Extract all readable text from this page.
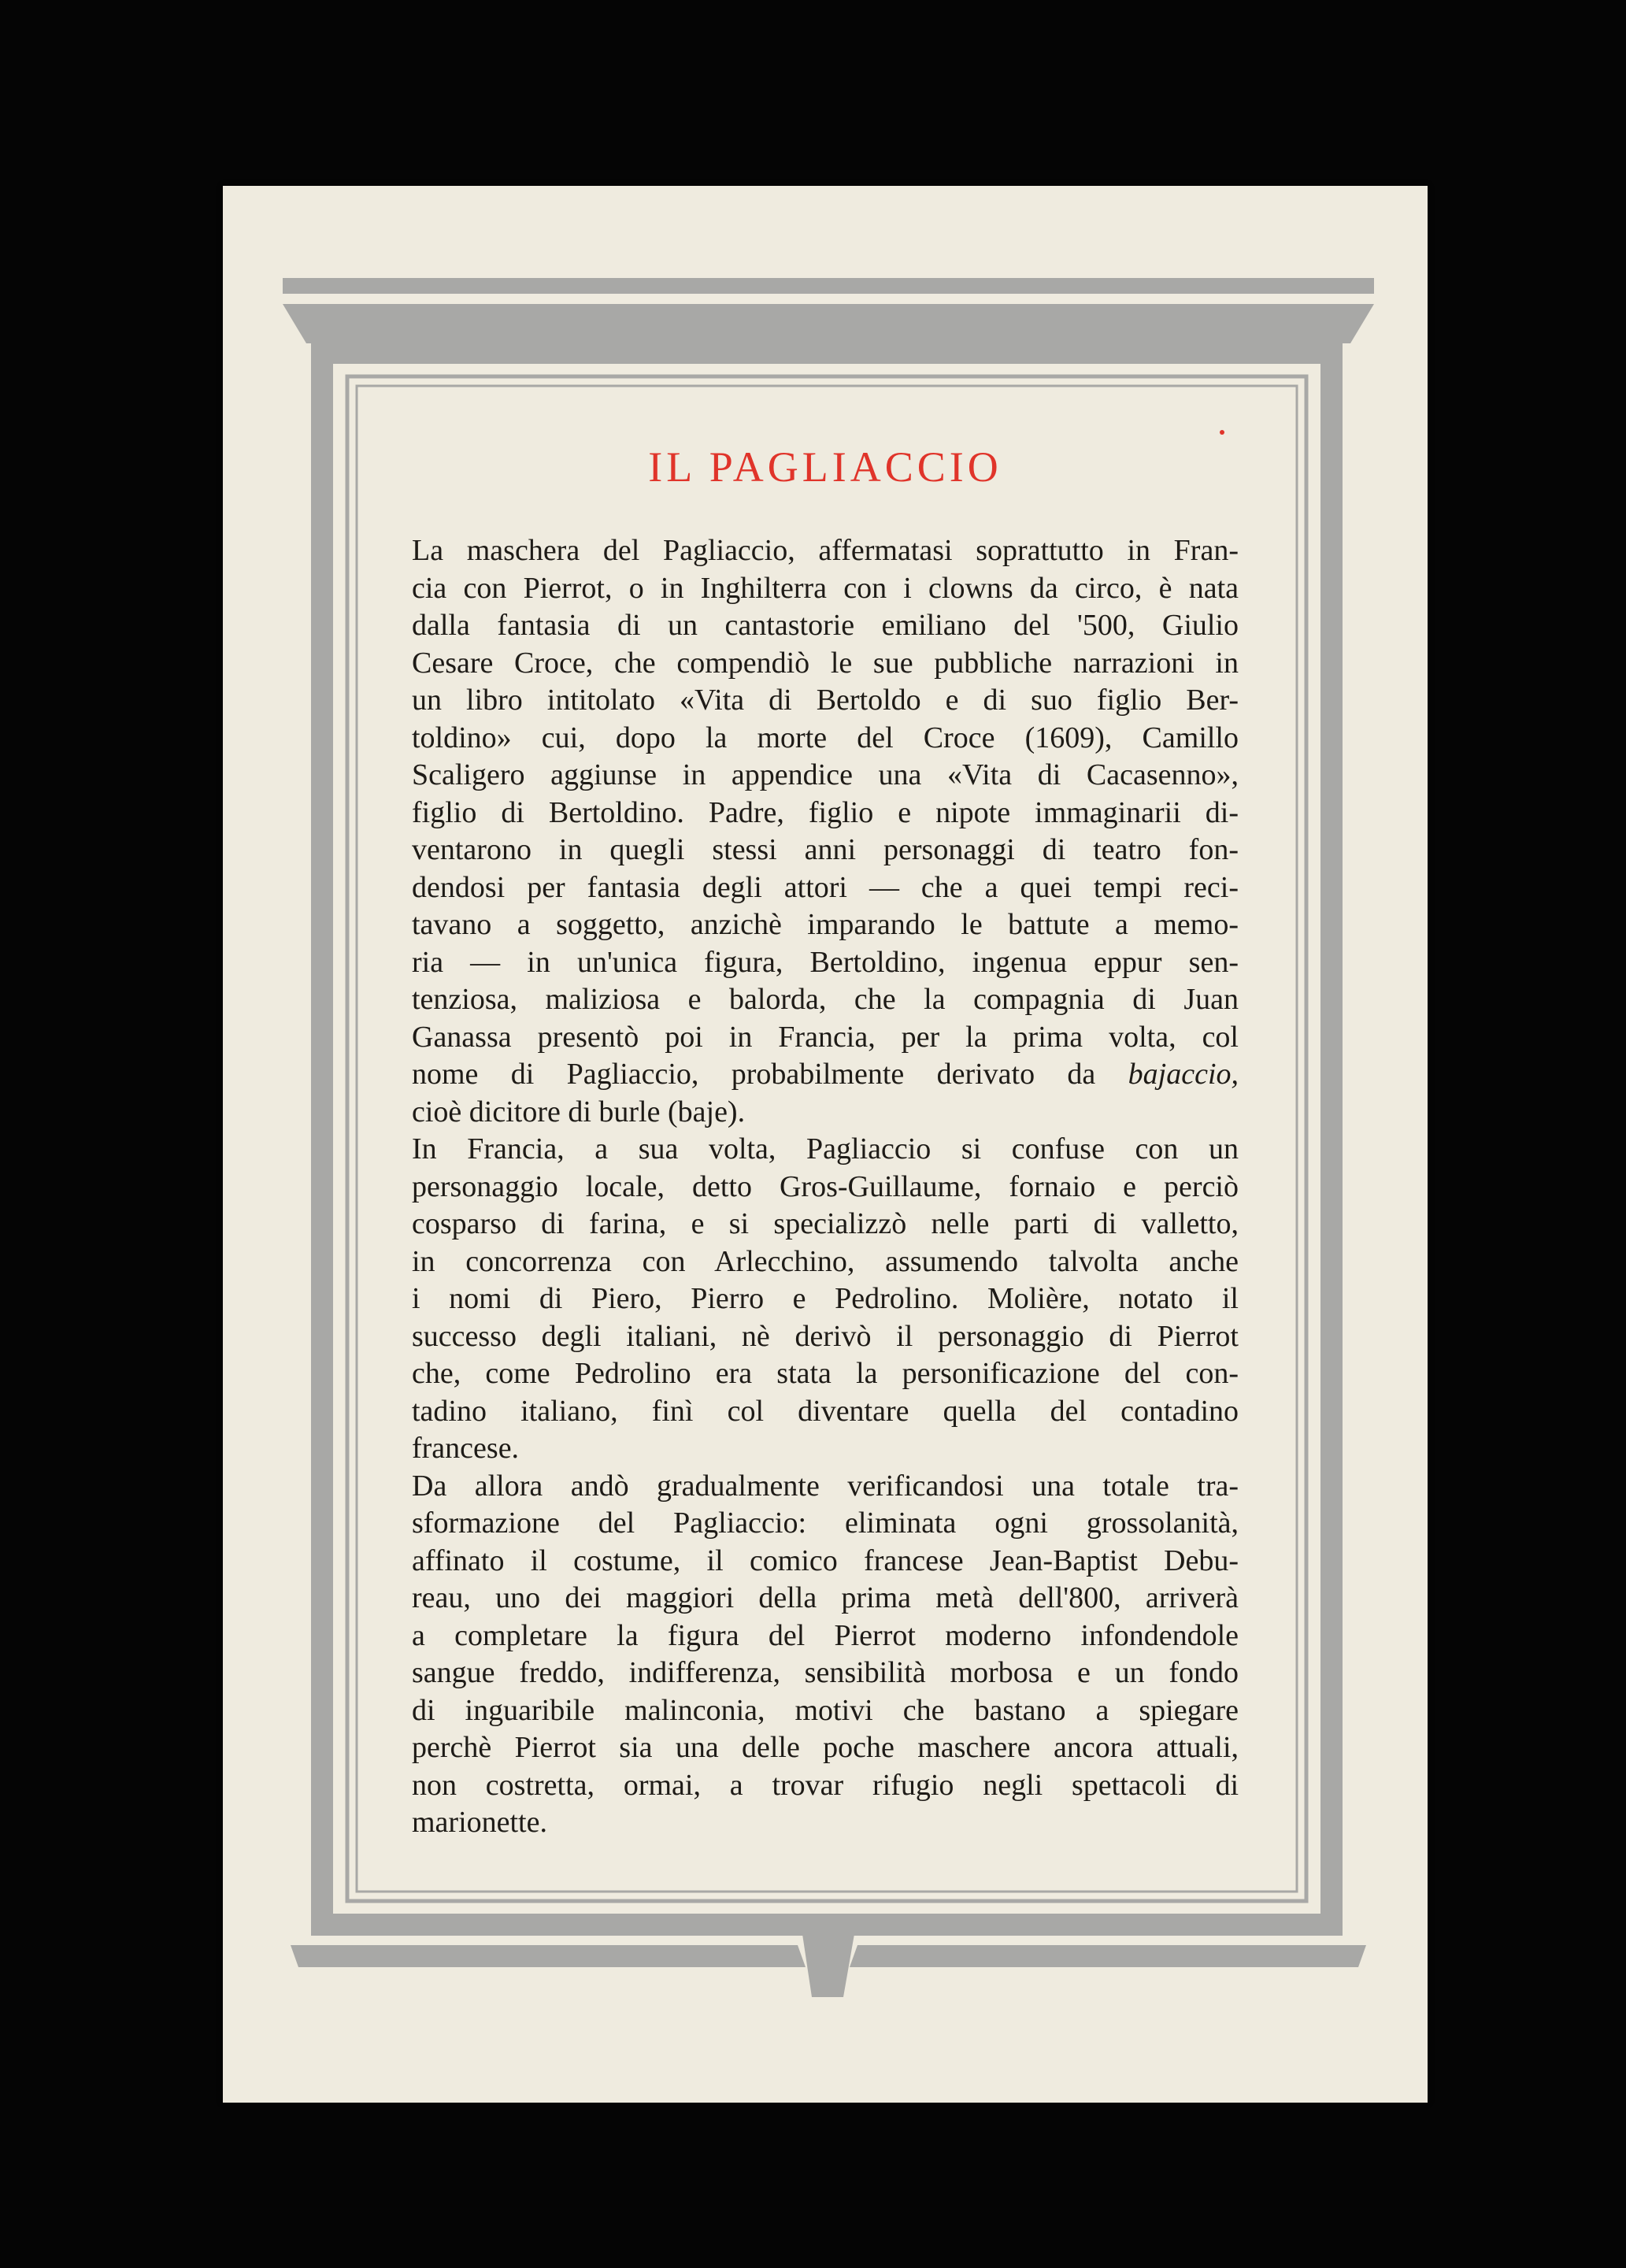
IL PAGLIACCIO
La maschera del Pagliaccio, affermatasi soprattutto in Fran-
cia con Pierrot, o in Inghilterra con i clowns da circo, è nata
dalla fantasia di un cantastorie emiliano del '500, Giulio
Cesare Croce, che compendiò le sue pubbliche narrazioni in
un libro intitolato «Vita di Bertoldo e di suo figlio Ber-
toldino» cui, dopo la morte del Croce (1609), Camillo
Scaligero aggiunse in appendice una «Vita di Cacasenno»,
figlio di Bertoldino. Padre, figlio e nipote immaginarii di-
ventarono in quegli stessi anni personaggi di teatro fon-
dendosi per fantasia degli attori — che a quei tempi reci-
tavano a soggetto, anzichè imparando le battute a memo-
ria — in un'unica figura, Bertoldino, ingenua eppur sen-
tenziosa, maliziosa e balorda, che la compagnia di Juan
Ganassa presentò poi in Francia, per la prima volta, col
nome di Pagliaccio, probabilmente derivato da bajaccio,
cioè dicitore di burle (baje).
In Francia, a sua volta, Pagliaccio si confuse con un
personaggio locale, detto Gros-Guillaume, fornaio e perciò
cosparso di farina, e si specializzò nelle parti di valletto,
in concorrenza con Arlecchino, assumendo talvolta anche
i nomi di Piero, Pierro e Pedrolino. Molière, notato il
successo degli italiani, nè derivò il personaggio di Pierrot
che, come Pedrolino era stata la personificazione del con-
tadino italiano, finì col diventare quella del contadino
francese.
Da allora andò gradualmente verificandosi una totale tra-
sformazione del Pagliaccio: eliminata ogni grossolanità,
affinato il costume, il comico francese Jean-Baptist Debu-
reau, uno dei maggiori della prima metà dell'800, arriverà
a completare la figura del Pierrot moderno infondendole
sangue freddo, indifferenza, sensibilità morbosa e un fondo
di inguaribile malinconia, motivi che bastano a spiegare
perchè Pierrot sia una delle poche maschere ancora attuali,
non costretta, ormai, a trovar rifugio negli spettacoli di
marionette.
